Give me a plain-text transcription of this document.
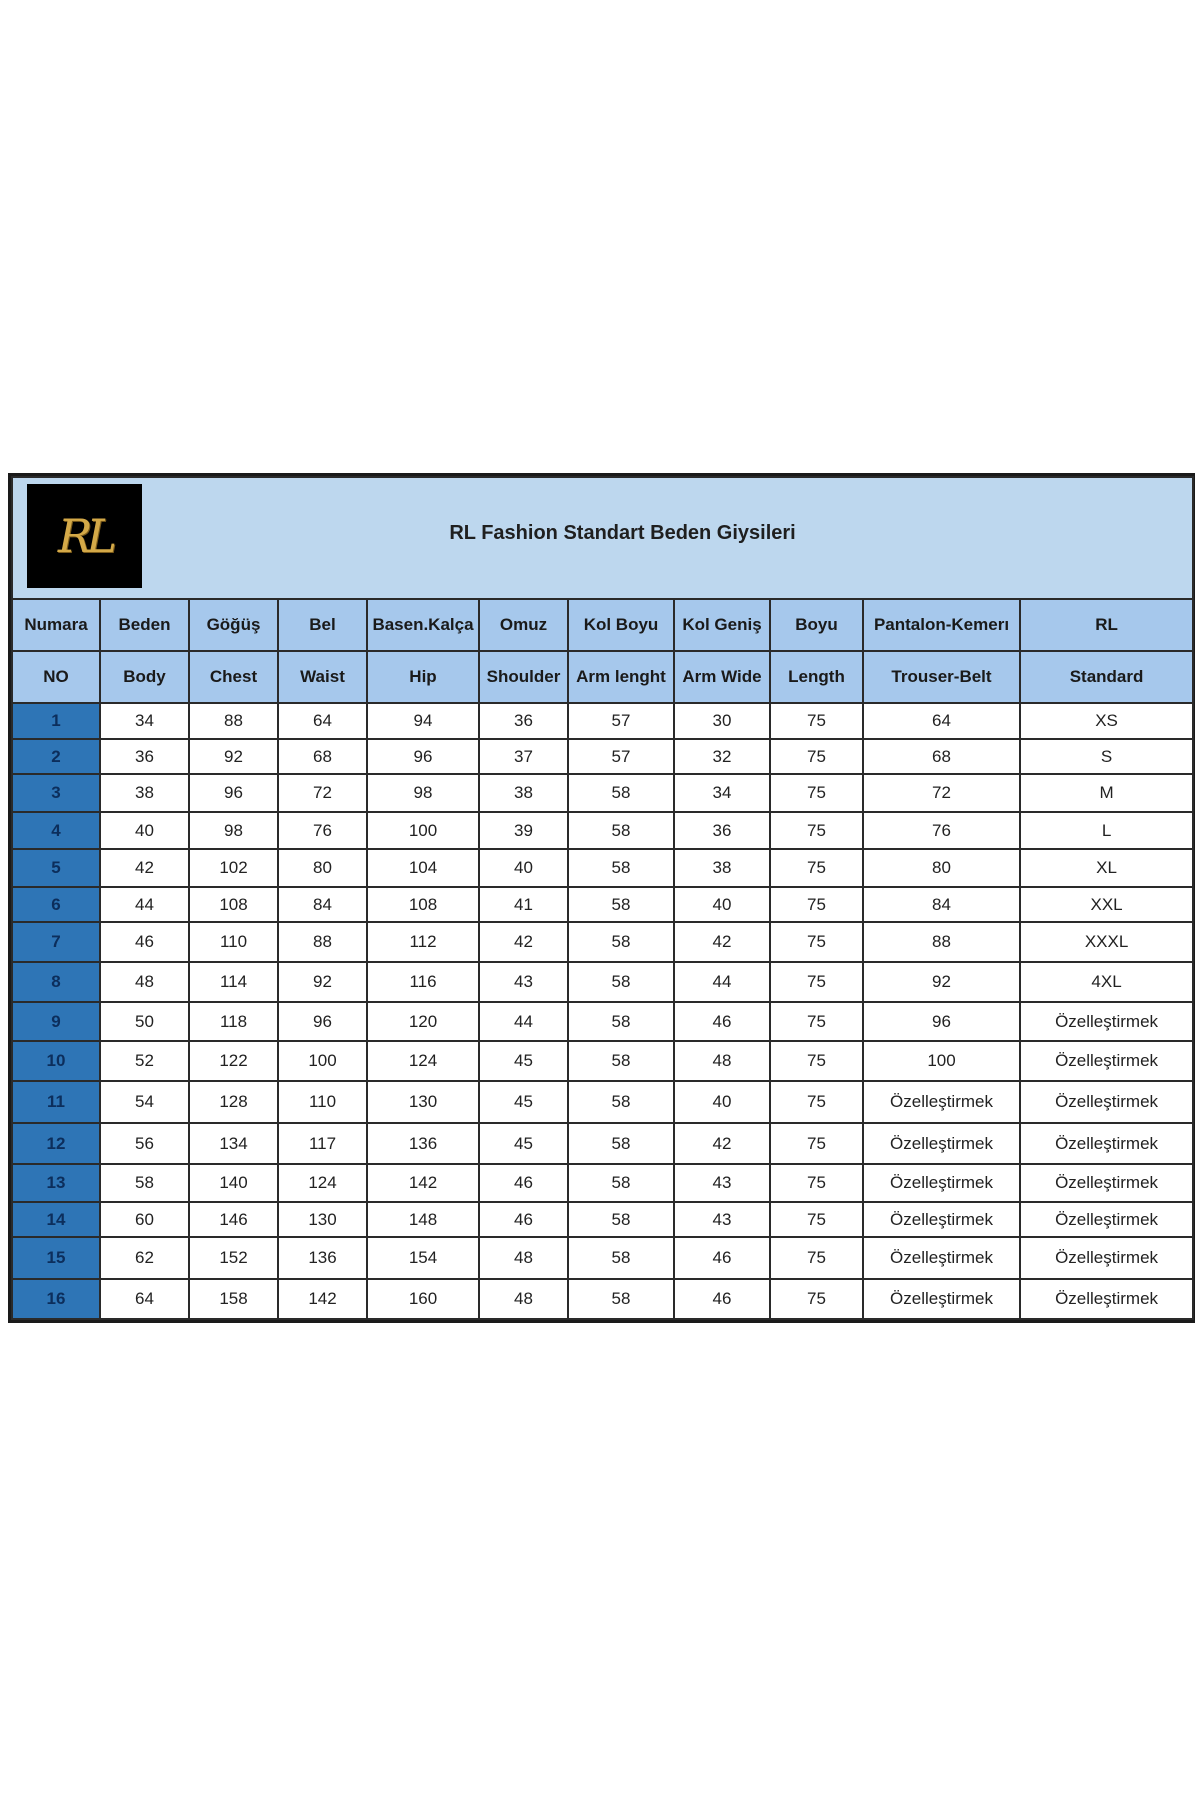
RL RL Fashion Standart Beden Giysileri										

Numara	Beden	Göğüş	Bel	Basen.Kalça	Omuz	Kol Boyu	Kol Geniş	Boyu	Pantalon-Kemerı	RL
NO	Body	Chest	Waist	Hip	Shoulder	Arm lenght	Arm Wide	Length	Trouser-Belt	Standard
1	34	88	64	94	36	57	30	75	64	XS
2	36	92	68	96	37	57	32	75	68	S
3	38	96	72	98	38	58	34	75	72	M
4	40	98	76	100	39	58	36	75	76	L
5	42	102	80	104	40	58	38	75	80	XL
6	44	108	84	108	41	58	40	75	84	XXL
7	46	110	88	112	42	58	42	75	88	XXXL
8	48	114	92	116	43	58	44	75	92	4XL
9	50	118	96	120	44	58	46	75	96	Özelleştirmek
10	52	122	100	124	45	58	48	75	100	Özelleştirmek
11	54	128	110	130	45	58	40	75	Özelleştirmek	Özelleştirmek
12	56	134	117	136	45	58	42	75	Özelleştirmek	Özelleştirmek
13	58	140	124	142	46	58	43	75	Özelleştirmek	Özelleştirmek
14	60	146	130	148	46	58	43	75	Özelleştirmek	Özelleştirmek
15	62	152	136	154	48	58	46	75	Özelleştirmek	Özelleştirmek
16	64	158	142	160	48	58	46	75	Özelleştirmek	Özelleştirmek
